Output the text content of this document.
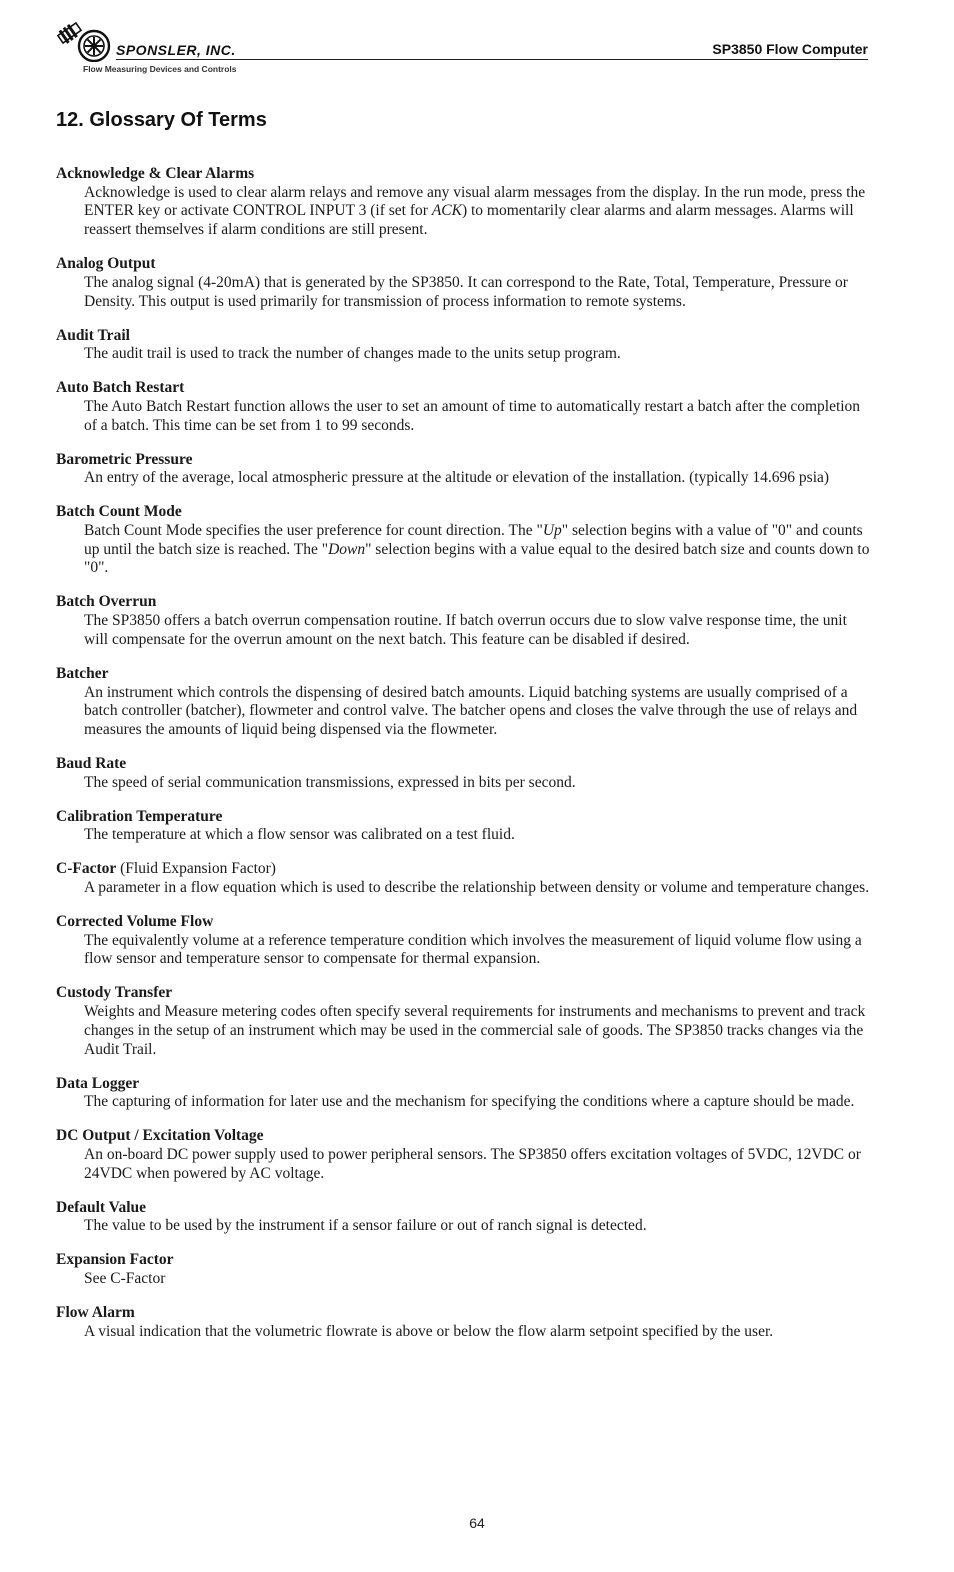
SPONSLER, INC.
Flow Measuring Devices and Controls
SP3850 Flow Computer
12. Glossary Of Terms
Acknowledge & Clear Alarms
Acknowledge is used to clear alarm relays and remove any visual alarm messages from the display. In the run mode, press the ENTER key or activate CONTROL INPUT 3 (if set for ACK) to momentarily clear alarms and alarm messages. Alarms will reassert themselves if alarm conditions are still present.
Analog Output
The analog signal (4-20mA) that is generated by the SP3850. It can correspond to the Rate, Total, Temperature, Pressure or Density. This output is used primarily for transmission of process information to remote systems.
Audit Trail
The audit trail is used to track the number of changes made to the units setup program.
Auto Batch Restart
The Auto Batch Restart function allows the user to set an amount of time to automatically restart a batch after the completion of a batch. This time can be set from 1 to 99 seconds.
Barometric Pressure
An entry of the average, local atmospheric pressure at the altitude or elevation of the installation. (typically 14.696 psia)
Batch Count Mode
Batch Count Mode specifies the user preference for count direction. The "Up" selection begins with a value of "0" and counts up until the batch size is reached. The "Down" selection begins with a value equal to the desired batch size and counts down to "0".
Batch Overrun
The SP3850 offers a batch overrun compensation routine. If batch overrun occurs due to slow valve response time, the unit will compensate for the overrun amount on the next batch. This feature can be disabled if desired.
Batcher
An instrument which controls the dispensing of desired batch amounts. Liquid batching systems are usually comprised of a batch controller (batcher), flowmeter and control valve. The batcher opens and closes the valve through the use of relays and measures the amounts of liquid being dispensed via the flowmeter.
Baud Rate
The speed of serial communication transmissions, expressed in bits per second.
Calibration Temperature
The temperature at which a flow sensor was calibrated on a test fluid.
C-Factor (Fluid Expansion Factor)
A parameter in a flow equation which is used to describe the relationship between density or volume and temperature changes.
Corrected Volume Flow
The equivalently volume at a reference temperature condition which involves the measurement of liquid volume flow using a flow sensor and temperature sensor to compensate for thermal expansion.
Custody Transfer
Weights and Measure metering codes often specify several requirements for instruments and mechanisms to prevent and track changes in the setup of an instrument which may be used in the commercial sale of goods. The SP3850 tracks changes via the Audit Trail.
Data Logger
The capturing of information for later use and the mechanism for specifying the conditions where a capture should be made.
DC Output / Excitation Voltage
An on-board DC power supply used to power peripheral sensors. The SP3850 offers excitation voltages of 5VDC, 12VDC or 24VDC when powered by AC voltage.
Default Value
The value to be used by the instrument if a sensor failure or out of ranch signal is detected.
Expansion Factor
See C-Factor
Flow Alarm
A visual indication that the volumetric flowrate is above or below the flow alarm setpoint specified by the user.
64
